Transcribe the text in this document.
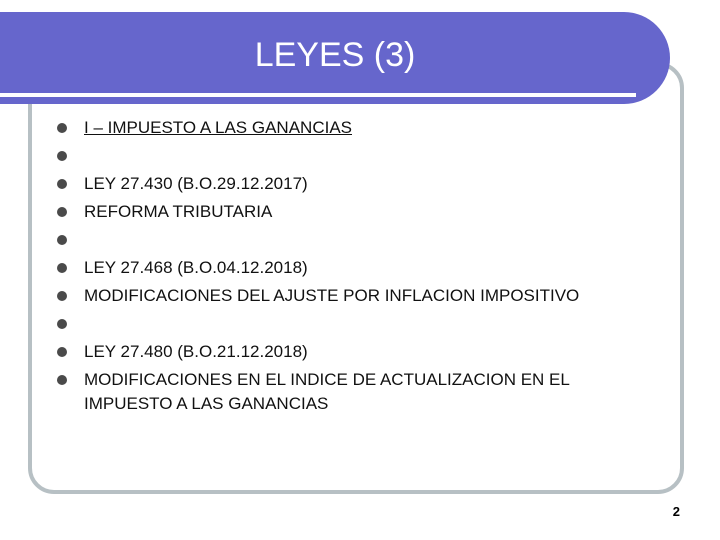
LEYES (3)
I – IMPUESTO A LAS GANANCIAS
LEY 27.430 (B.O.29.12.2017)
REFORMA TRIBUTARIA
LEY 27.468 (B.O.04.12.2018)
MODIFICACIONES DEL AJUSTE POR INFLACION IMPOSITIVO
LEY 27.480 (B.O.21.12.2018)
MODIFICACIONES EN EL INDICE DE ACTUALIZACION EN EL
IMPUESTO A LAS GANANCIAS
2
